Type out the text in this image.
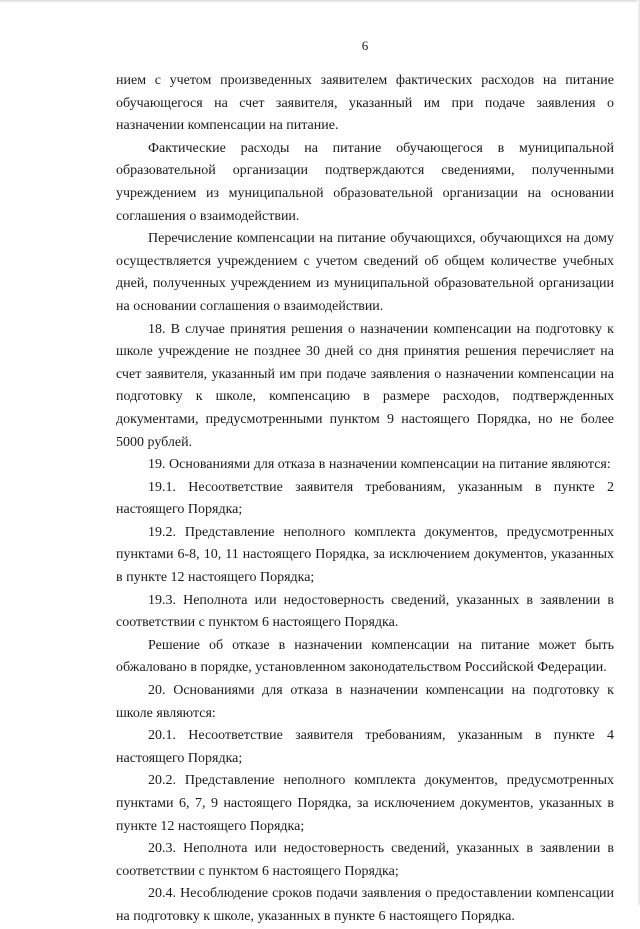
6

нием с учетом произведенных заявителем фактических расходов на питание обучающегося на счет заявителя, указанный им при подаче заявления о назначении компенсации на питание.

Фактические расходы на питание обучающегося в муниципальной образовательной организации подтверждаются сведениями, полученными учреждением из муниципальной образовательной организации на основании соглашения о взаимодействии.

Перечисление компенсации на питание обучающихся, обучающихся на дому осуществляется учреждением с учетом сведений об общем количестве учебных дней, полученных учреждением из муниципальной образовательной организации на основании соглашения о взаимодействии.

18. В случае принятия решения о назначении компенсации на подготовку к школе учреждение не позднее 30 дней со дня принятия решения перечисляет на счет заявителя, указанный им при подаче заявления о назначении компенсации на подготовку к школе, компенсацию в размере расходов, подтвержденных документами, предусмотренными пунктом 9 настоящего Порядка, но не более 5000 рублей.

19. Основаниями для отказа в назначении компенсации на питание являются:

19.1. Несоответствие заявителя требованиям, указанным в пункте 2 настоящего Порядка;

19.2. Представление неполного комплекта документов, предусмотренных пунктами 6-8, 10, 11 настоящего Порядка, за исключением документов, указанных в пункте 12 настоящего Порядка;

19.3. Неполнота или недостоверность сведений, указанных в заявлении в соответствии с пунктом 6 настоящего Порядка.

Решение об отказе в назначении компенсации на питание может быть обжаловано в порядке, установленном законодательством Российской Федерации.

20. Основаниями для отказа в назначении компенсации на подготовку к школе являются:

20.1. Несоответствие заявителя требованиям, указанным в пункте 4 настоящего Порядка;

20.2. Представление неполного комплекта документов, предусмотренных пунктами 6, 7, 9 настоящего Порядка, за исключением документов, указанных в пункте 12 настоящего Порядка;

20.3. Неполнота или недостоверность сведений, указанных в заявлении в соответствии с пунктом 6 настоящего Порядка;

20.4. Несоблюдение сроков подачи заявления о предоставлении компенсации на подготовку к школе, указанных в пункте 6 настоящего Порядка.
